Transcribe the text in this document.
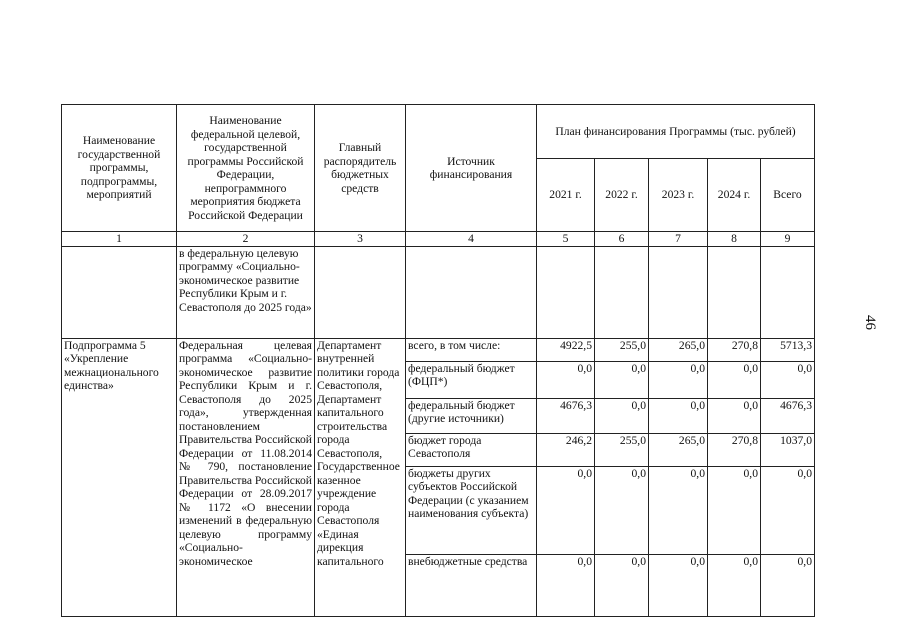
Наименование государственной программы, подпрограммы, мероприятий	Наименование федеральной целевой, государственной программы Российской Федерации, непрограммного мероприятия бюджета Российской Федерации	Главный распорядитель бюджетных средств	Источник финансирования	План финансирования Программы (тыс. рублей)				
				2021 г.	2022 г.	2023 г.	2024 г.	Всего
1	2	3	4	5	6	7	8	9
	в федеральную целевую программу «Социально-экономическое развитие Республики Крым и г. Севастополя до 2025 года»							
Подпрограмма 5 «Укрепление межнационального единства»	Федеральная целевая программа «Социально-экономическое развитие Республики Крым и г. Севастополя до 2025 года», утвержденная постановлением Правительства Российской Федерации от 11.08.2014 № 790, постановление Правительства Российской Федерации от 28.09.2017 № 1172 «О внесении изменений в федеральную целевую программу «Социально-экономическое	Департамент внутренней политики города Севастополя, Департамент капитального строительства города Севастополя, Государственное казенное учреждение города Севастополя «Единая дирекция капитального	всего, в том числе:	4922,5	255,0	265,0	270,8	5713,3
			федеральный бюджет (ФЦП*)	0,0	0,0	0,0	0,0	0,0
			федеральный бюджет (другие источники)	4676,3	0,0	0,0	0,0	4676,3
			бюджет города Севастополя	246,2	255,0	265,0	270,8	1037,0
			бюджеты других субъектов Российской Федерации (с указанием наименования субъекта)	0,0	0,0	0,0	0,0	0,0
			внебюджетные средства	0,0	0,0	0,0	0,0	0,0
46
